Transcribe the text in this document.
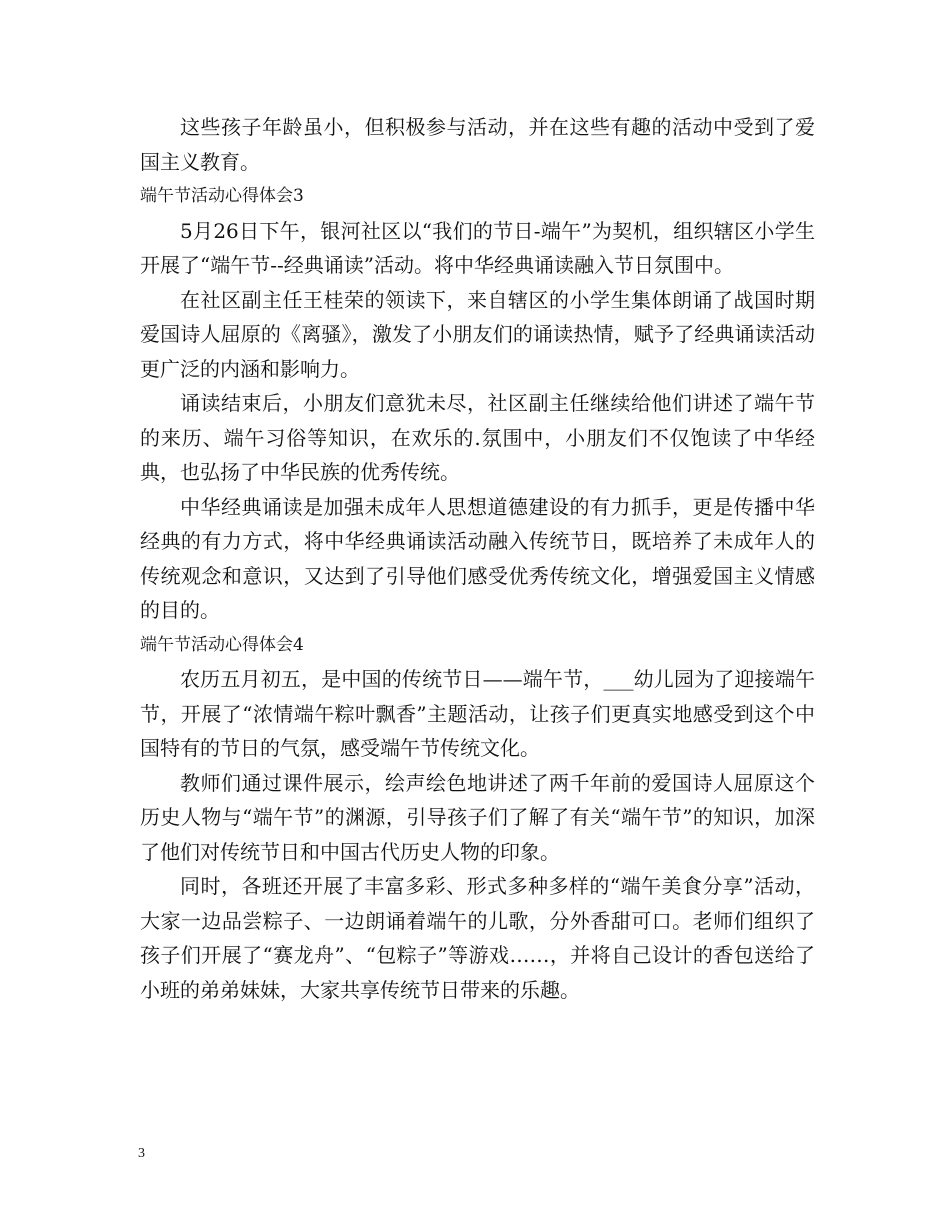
这些孩子年龄虽小，但积极参与活动，并在这些有趣的活动中受到了爱国主义教育。

端午节活动心得体会3

5月26日下午，银河社区以“我们的节日-端午”为契机，组织辖区小学生开展了“端午节--经典诵读”活动。将中华经典诵读融入节日氛围中。

在社区副主任王桂荣的领读下，来自辖区的小学生集体朗诵了战国时期爱国诗人屈原的《离骚》，激发了小朋友们的诵读热情，赋予了经典诵读活动更广泛的内涵和影响力。

诵读结束后，小朋友们意犹未尽，社区副主任继续给他们讲述了端午节的来历、端午习俗等知识，在欢乐的.氛围中，小朋友们不仅饱读了中华经典，也弘扬了中华民族的优秀传统。

中华经典诵读是加强未成年人思想道德建设的有力抓手，更是传播中华经典的有力方式，将中华经典诵读活动融入传统节日，既培养了未成年人的传统观念和意识，又达到了引导他们感受优秀传统文化，增强爱国主义情感的目的。

端午节活动心得体会4

农历五月初五，是中国的传统节日——端午节，___幼儿园为了迎接端午节，开展了“浓情端午粽叶飘香”主题活动，让孩子们更真实地感受到这个中国特有的节日的气氛，感受端午节传统文化。

教师们通过课件展示，绘声绘色地讲述了两千年前的爱国诗人屈原这个历史人物与“端午节”的渊源，引导孩子们了解了有关“端午节”的知识，加深了他们对传统节日和中国古代历史人物的印象。

同时，各班还开展了丰富多彩、形式多种多样的“端午美食分享”活动，大家一边品尝粽子、一边朗诵着端午的儿歌，分外香甜可口。老师们组织了孩子们开展了“赛龙舟”、“包粽子”等游戏……，并将自己设计的香包送给了小班的弟弟妹妹，大家共享传统节日带来的乐趣。

3
